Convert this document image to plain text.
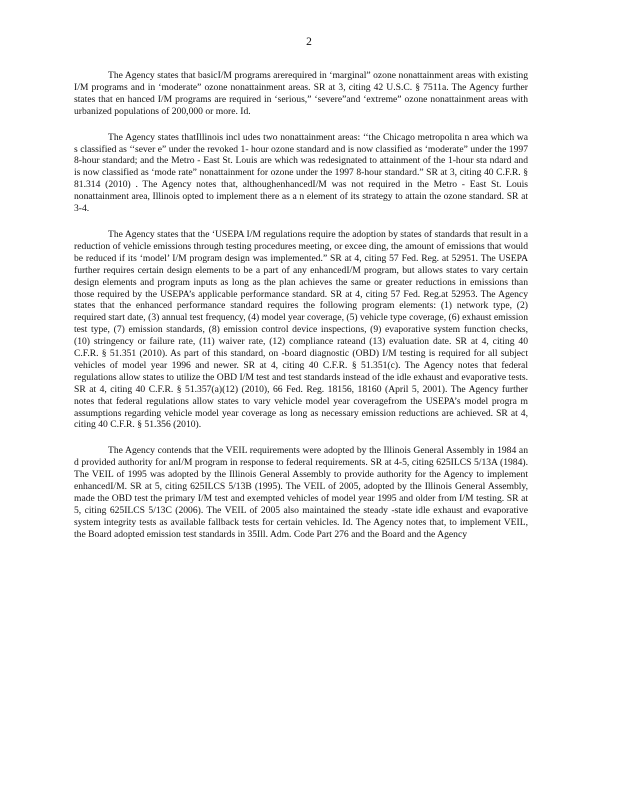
2

The Agency states that basicI/M programs arerequired in ‘marginal” ozone nonattainment areas with existing I/M programs and in ‘moderate” ozone nonattainment areas. SR at 3, citing 42 U.S.C. § 7511a. The Agency further states that en hanced I/M programs are required in ‘serious,” ‘severe”and ‘extreme” ozone nonattainment areas with urbanized populations of 200,000 or more. Id.

The Agency states thatIllinois incl udes two nonattainment areas: ‘‘the Chicago metropolita n area which wa s classified as ‘‘sever e” under the revoked 1- hour ozone standard and is now classified as ‘moderate” under the 1997 8-hour standard; and the Metro - East St. Louis are which was redesignated to attainment of the 1-hour sta ndard and is now classified as ‘mode rate” nonattainment for ozone under the 1997 8-hour standard.” SR at 3, citing 40 C.F.R. § 81.314 (2010) . The Agency notes that, althoughenhancedI/M was not required in the Metro - East St. Louis nonattainment area, Illinois opted to implement there as a n element of its strategy to attain the ozone standard. SR at 3-4.

The Agency states that the ‘USEPA I/M regulations require the adoption by states of standards that result in a reduction of vehicle emissions through testing procedures meeting, or excee ding, the amount of emissions that would be reduced if its ‘model’ I/M program design was implemented.” SR at 4, citing 57 Fed. Reg. at 52951. The USEPA further requires certain design elements to be a part of any enhancedI/M program, but allows states to vary certain design elements and program inputs as long as the plan achieves the same or greater reductions in emissions than those required by the USEPA’s applicable performance standard. SR at 4, citing 57 Fed. Reg.at 52953. The Agency states that the enhanced performance standard requires the following program elements: (1) network type, (2) required start date, (3) annual test frequency, (4) model year coverage, (5) vehicle type coverage, (6) exhaust emission test type, (7) emission standards, (8) emission control device inspections, (9) evaporative system function checks, (10) stringency or failure rate, (11) waiver rate, (12) compliance rateand (13) evaluation date. SR at 4, citing 40 C.F.R. § 51.351 (2010). As part of this standard, on -board diagnostic (OBD) I/M testing is required for all subject vehicles of model year 1996 and newer. SR at 4, citing 40 C.F.R. § 51.351(c). The Agency notes that federal regulations allow states to utilize the OBD I/M test and test standards instead of the idle exhaust and evaporative tests. SR at 4, citing 40 C.F.R. § 51.357(a)(12) (2010), 66 Fed. Reg. 18156, 18160 (April 5, 2001). The Agency further notes that federal regulations allow states to vary vehicle model year coveragefrom the USEPA’s model progra m assumptions regarding vehicle model year coverage as long as necessary emission reductions are achieved. SR at 4, citing 40 C.F.R. § 51.356 (2010).

The Agency contends that the VEIL requirements were adopted by the Illinois General Assembly in 1984 an d provided authority for anI/M program in response to federal requirements. SR at 4-5, citing 625ILCS 5/13A (1984). The VEIL of 1995 was adopted by the Illinois General Assembly to provide authority for the Agency to implement enhancedI/M. SR at 5, citing 625ILCS 5/13B (1995). The VEIL of 2005, adopted by the Illinois General Assembly, made the OBD test the primary I/M test and exempted vehicles of model year 1995 and older from I/M testing. SR at 5, citing 625ILCS 5/13C (2006). The VEIL of 2005 also maintained the steady -state idle exhaust and evaporative system integrity tests as available fallback tests for certain vehicles. Id. The Agency notes that, to implement VEIL, the Board adopted emission test standards in 35Ill. Adm. Code Part 276 and the Board and the Agency
